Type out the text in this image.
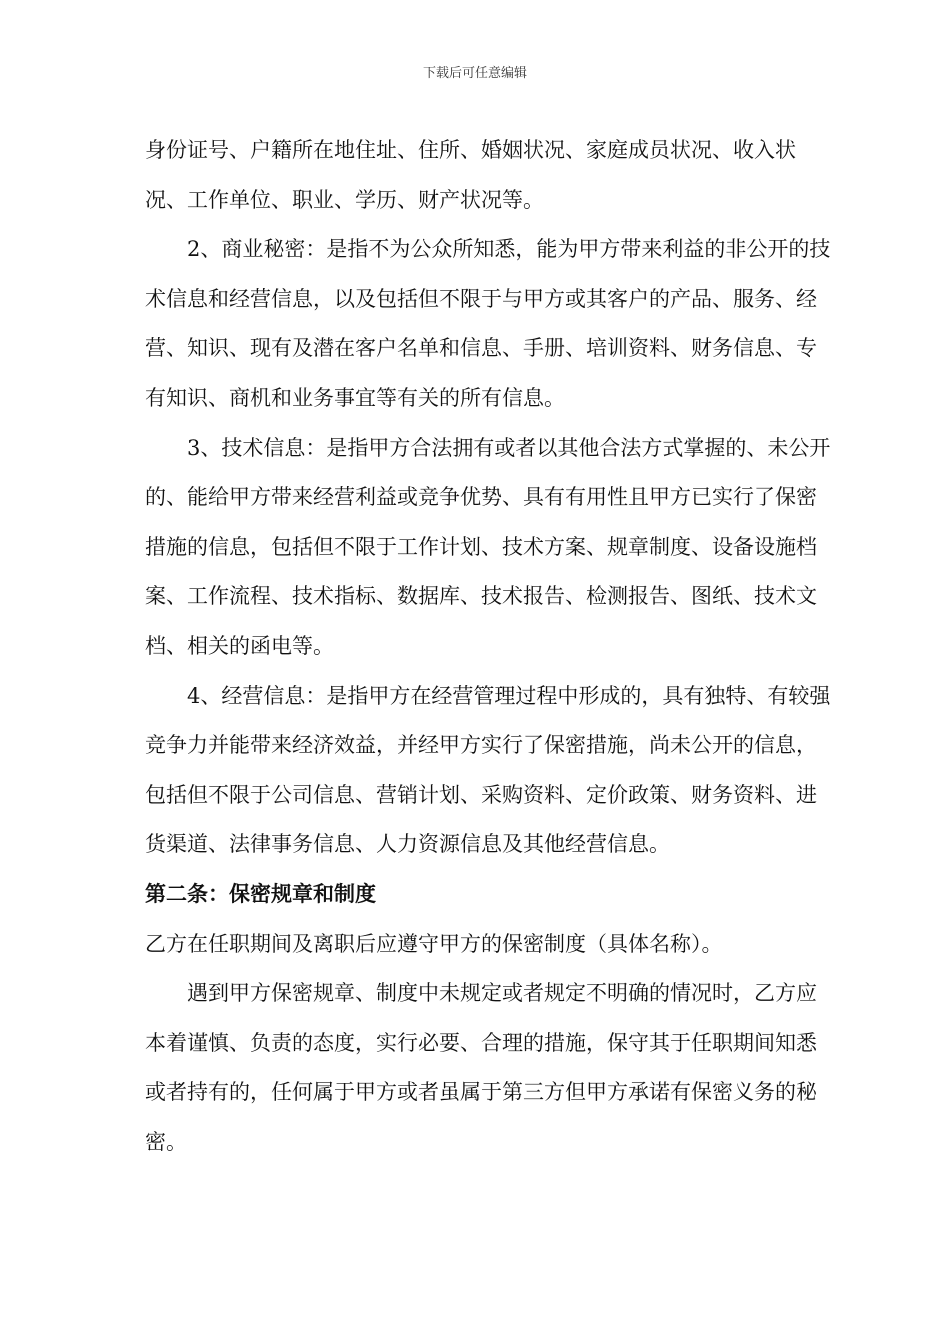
下载后可任意编辑

身份证号、户籍所在地住址、住所、婚姻状况、家庭成员状况、收入状况、工作单位、职业、学历、财产状况等。

2、商业秘密：是指不为公众所知悉，能为甲方带来利益的非公开的技术信息和经营信息，以及包括但不限于与甲方或其客户的产品、服务、经营、知识、现有及潜在客户名单和信息、手册、培训资料、财务信息、专有知识、商机和业务事宜等有关的所有信息。

3、技术信息：是指甲方合法拥有或者以其他合法方式掌握的、未公开的、能给甲方带来经营利益或竞争优势、具有有用性且甲方已实行了保密措施的信息，包括但不限于工作计划、技术方案、规章制度、设备设施档案、工作流程、技术指标、数据库、技术报告、检测报告、图纸、技术文档、相关的函电等。

4、经营信息：是指甲方在经营管理过程中形成的，具有独特、有较强竞争力并能带来经济效益，并经甲方实行了保密措施，尚未公开的信息，包括但不限于公司信息、营销计划、采购资料、定价政策、财务资料、进货渠道、法律事务信息、人力资源信息及其他经营信息。

第二条：保密规章和制度

乙方在任职期间及离职后应遵守甲方的保密制度（具体名称）。

遇到甲方保密规章、制度中未规定或者规定不明确的情况时，乙方应本着谨慎、负责的态度，实行必要、合理的措施，保守其于任职期间知悉或者持有的，任何属于甲方或者虽属于第三方但甲方承诺有保密义务的秘密。
